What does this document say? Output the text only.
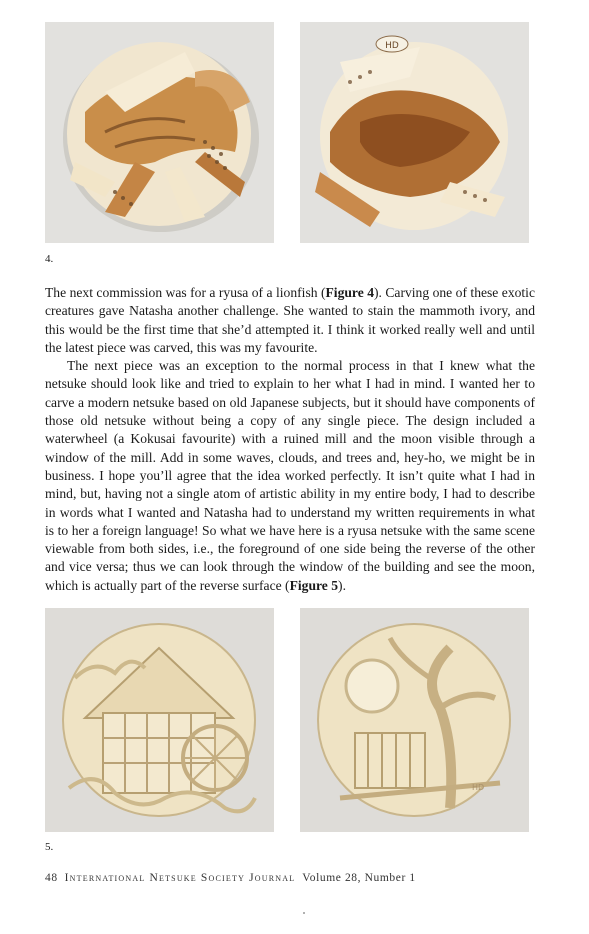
HD
4.

The next commission was for a ryusa of a lionfish (Figure 4). Carving one of these exotic creatures gave Natasha another challenge. She wanted to stain the mammoth ivory, and this would be the first time that she’d attempted it. I think it worked really well and until the latest piece was carved, this was my favourite.

The next piece was an exception to the normal process in that I knew what the netsuke should look like and tried to explain to her what I had in mind. I wanted her to carve a modern netsuke based on old Japanese subjects, but it should have components of those old netsuke without being a copy of any single piece. The design included a waterwheel (a Kokusai favourite) with a ruined mill and the moon visible through a window of the mill. Add in some waves, clouds, and trees and, hey-ho, we might be in business. I hope you’ll agree that the idea worked perfectly. It isn’t quite what I had in mind, but, having not a single atom of artistic ability in my entire body, I had to describe in words what I wanted and Natasha had to understand my written requirements in what is to her a foreign language! So what we have here is a ryusa netsuke with the same scene viewable from both sides, i.e., the foreground of one side being the reverse of the other and vice versa; thus we can look through the window of the building and see the moon, which is actually part of the reverse surface (Figure 5).

HD
5.
48 International Netsuke Society Journal Volume 28, Number 1
